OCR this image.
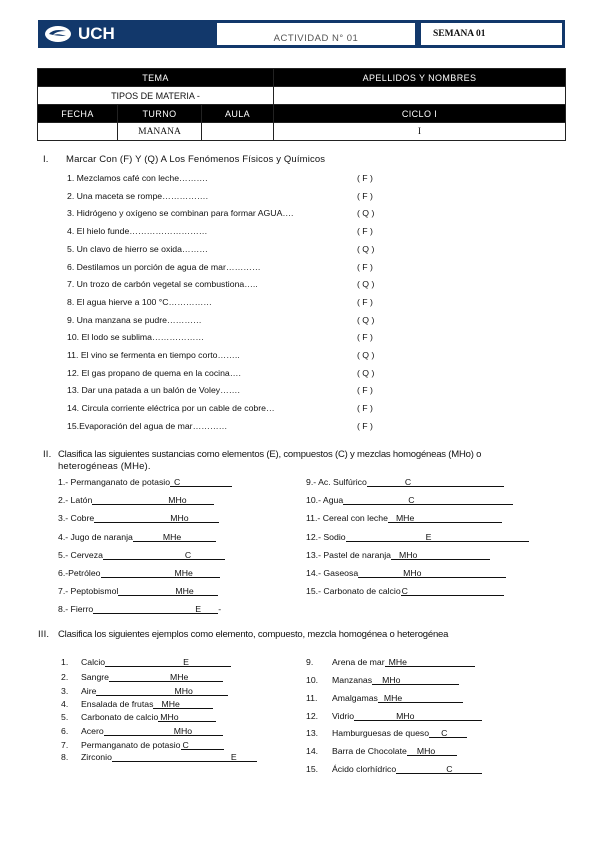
UCH	ACTIVIDAD N° 01	SEMANA 01
TEMA			APELLIDOS Y NOMBRES
TIPOS DE MATERIA -			
FECHA	TURNO	AULA	CICLO I
	MANANA		I
I. Marcar Con (F) Y (Q) A Los Fenómenos Físicos y Químicos
1. Mezclamos café con leche……….	( F )
2. Una maceta se rompe…………….	( F )
3. Hidrógeno y oxígeno se combinan para formar AGUA….	( Q )
4. El hielo funde………………………	( F )
5. Un clavo de hierro se oxida………	( Q )
6. Destilamos un porción de agua de mar…………	( F )
7. Un trozo de carbón vegetal se combustiona…..	( Q )
8. El agua hierve a 100 °C……………	( F )
9. Una manzana se pudre…………	( Q )
10. El lodo se sublima………………	( F )
11. El vino se fermenta en tiempo corto……..	( Q )
12. El gas propano de quema en la cocina….	( Q )
13. Dar una patada a un balón de Voley…….	( F )
14. Circula corriente eléctrica por un cable de cobre…	( F )
15.Evaporación del agua de mar…………	( F )
II. Clasifica las siguientes sustancias como elementos (E), compuestos (C) y mezclas homogéneas (MHo) o
heterogéneas (MHe).
1.- Permanganato de potasio C
2.- Latón	MHo
3.- Cobre	MHo
4.- Jugo de naranja	MHe
5.- Cerveza	C
6.-Petróleo	MHe
7.- Peptobismol	MHe
8.- Fierro	E -
9.- Ac. Sulfúrico	C
10.- Agua	C
11.- Cereal con leche MHe
12.- Sodio	E
13.- Pastel de naranja MHo
14.- Gaseosa	MHo
15.- Carbonato de calcio C
III. Clasifica los siguientes ejemplos como elemento, compuesto, mezcla homogénea o heterogénea
1. Calcio	E
2. Sangre	MHe
3. Aire	MHo
4. Ensalada de frutas MHe
5. Carbonato de calcio MHo
6. Acero	MHo
7. Permanganato de potasio C
8. Zirconio	E
9. Arena de mar MHe
10. Manzanas MHo
11. Amalgamas MHe
12. Vidrio	MHo
13. Hamburguesas de queso C
14. Barra de Chocolate MHo
15. Ácido clorhídrico	C
